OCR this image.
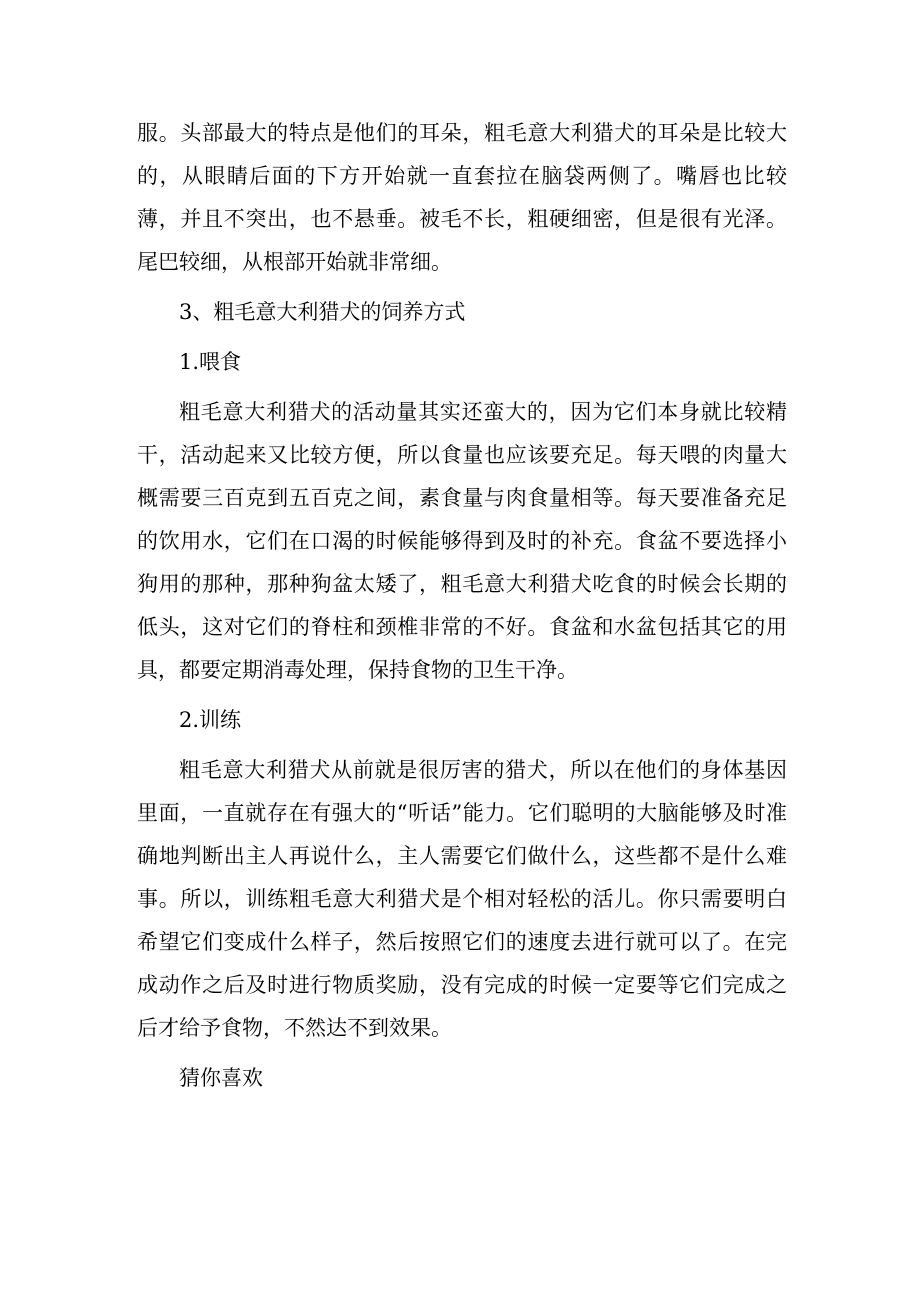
服。头部最大的特点是他们的耳朵，粗毛意大利猎犬的耳朵是比较大的，从眼睛后面的下方开始就一直套拉在脑袋两侧了。嘴唇也比较薄，并且不突出，也不悬垂。被毛不长，粗硬细密，但是很有光泽。尾巴较细，从根部开始就非常细。

3、粗毛意大利猎犬的饲养方式

1.喂食

粗毛意大利猎犬的活动量其实还蛮大的，因为它们本身就比较精干，活动起来又比较方便，所以食量也应该要充足。每天喂的肉量大概需要三百克到五百克之间，素食量与肉食量相等。每天要准备充足的饮用水，它们在口渴的时候能够得到及时的补充。食盆不要选择小狗用的那种，那种狗盆太矮了，粗毛意大利猎犬吃食的时候会长期的低头，这对它们的脊柱和颈椎非常的不好。食盆和水盆包括其它的用具，都要定期消毒处理，保持食物的卫生干净。

2.训练

粗毛意大利猎犬从前就是很厉害的猎犬，所以在他们的身体基因里面，一直就存在有强大的“听话”能力。它们聪明的大脑能够及时准确地判断出主人再说什么，主人需要它们做什么，这些都不是什么难事。所以，训练粗毛意大利猎犬是个相对轻松的活儿。你只需要明白希望它们变成什么样子，然后按照它们的速度去进行就可以了。在完成动作之后及时进行物质奖励，没有完成的时候一定要等它们完成之后才给予食物，不然达不到效果。

猜你喜欢
